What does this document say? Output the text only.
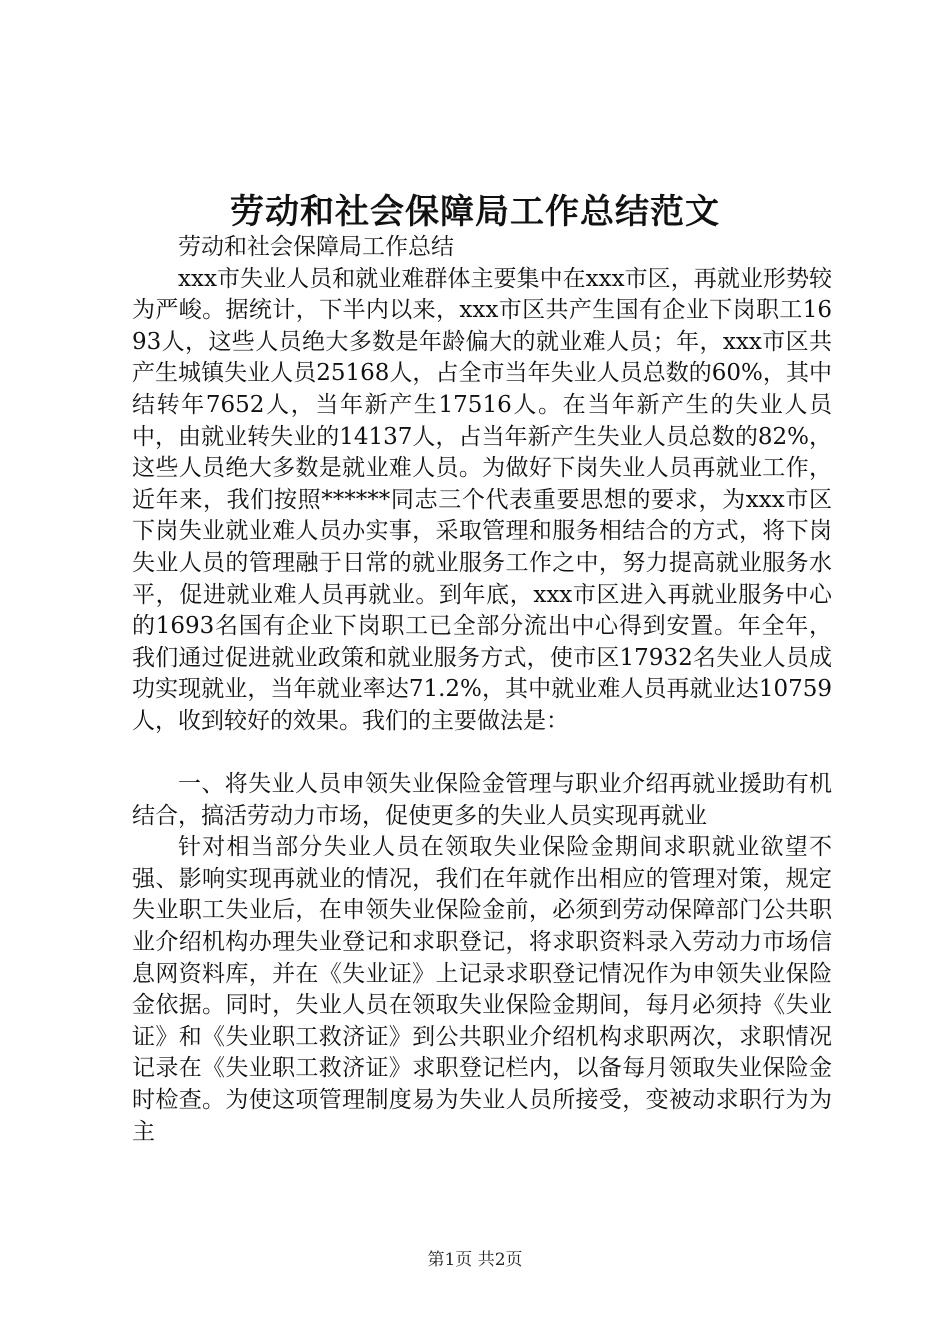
劳动和社会保障局工作总结范文

劳动和社会保障局工作总结

xxx市失业人员和就业难群体主要集中在xxx市区，再就业形势较为严峻。据统计，下半内以来，xxx市区共产生国有企业下岗职工1693人，这些人员绝大多数是年龄偏大的就业难人员；年，xxx市区共产生城镇失业人员25168人，占全市当年失业人员总数的60%，其中结转年7652人，当年新产生17516人。在当年新产生的失业人员中，由就业转失业的14137人，占当年新产生失业人员总数的82%，这些人员绝大多数是就业难人员。为做好下岗失业人员再就业工作，近年来，我们按照******同志三个代表重要思想的要求，为xxx市区下岗失业就业难人员办实事，采取管理和服务相结合的方式，将下岗失业人员的管理融于日常的就业服务工作之中，努力提高就业服务水平，促进就业难人员再就业。到年底，xxx市区进入再就业服务中心的1693名国有企业下岗职工已全部分流出中心得到安置。年全年，我们通过促进就业政策和就业服务方式，使市区17932名失业人员成功实现就业，当年就业率达71.2%，其中就业难人员再就业达10759人，收到较好的效果。我们的主要做法是：

一、将失业人员申领失业保险金管理与职业介绍再就业援助有机结合，搞活劳动力市场，促使更多的失业人员实现再就业

针对相当部分失业人员在领取失业保险金期间求职就业欲望不强、影响实现再就业的情况，我们在年就作出相应的管理对策，规定失业职工失业后，在申领失业保险金前，必须到劳动保障部门公共职业介绍机构办理失业登记和求职登记，将求职资料录入劳动力市场信息网资料库，并在《失业证》上记录求职登记情况作为申领失业保险金依据。同时，失业人员在领取失业保险金期间，每月必须持《失业证》和《失业职工救济证》到公共职业介绍机构求职两次，求职情况记录在《失业职工救济证》求职登记栏内，以备每月领取失业保险金时检查。为使这项管理制度易为失业人员所接受，变被动求职行为为主

第1页 共2页
